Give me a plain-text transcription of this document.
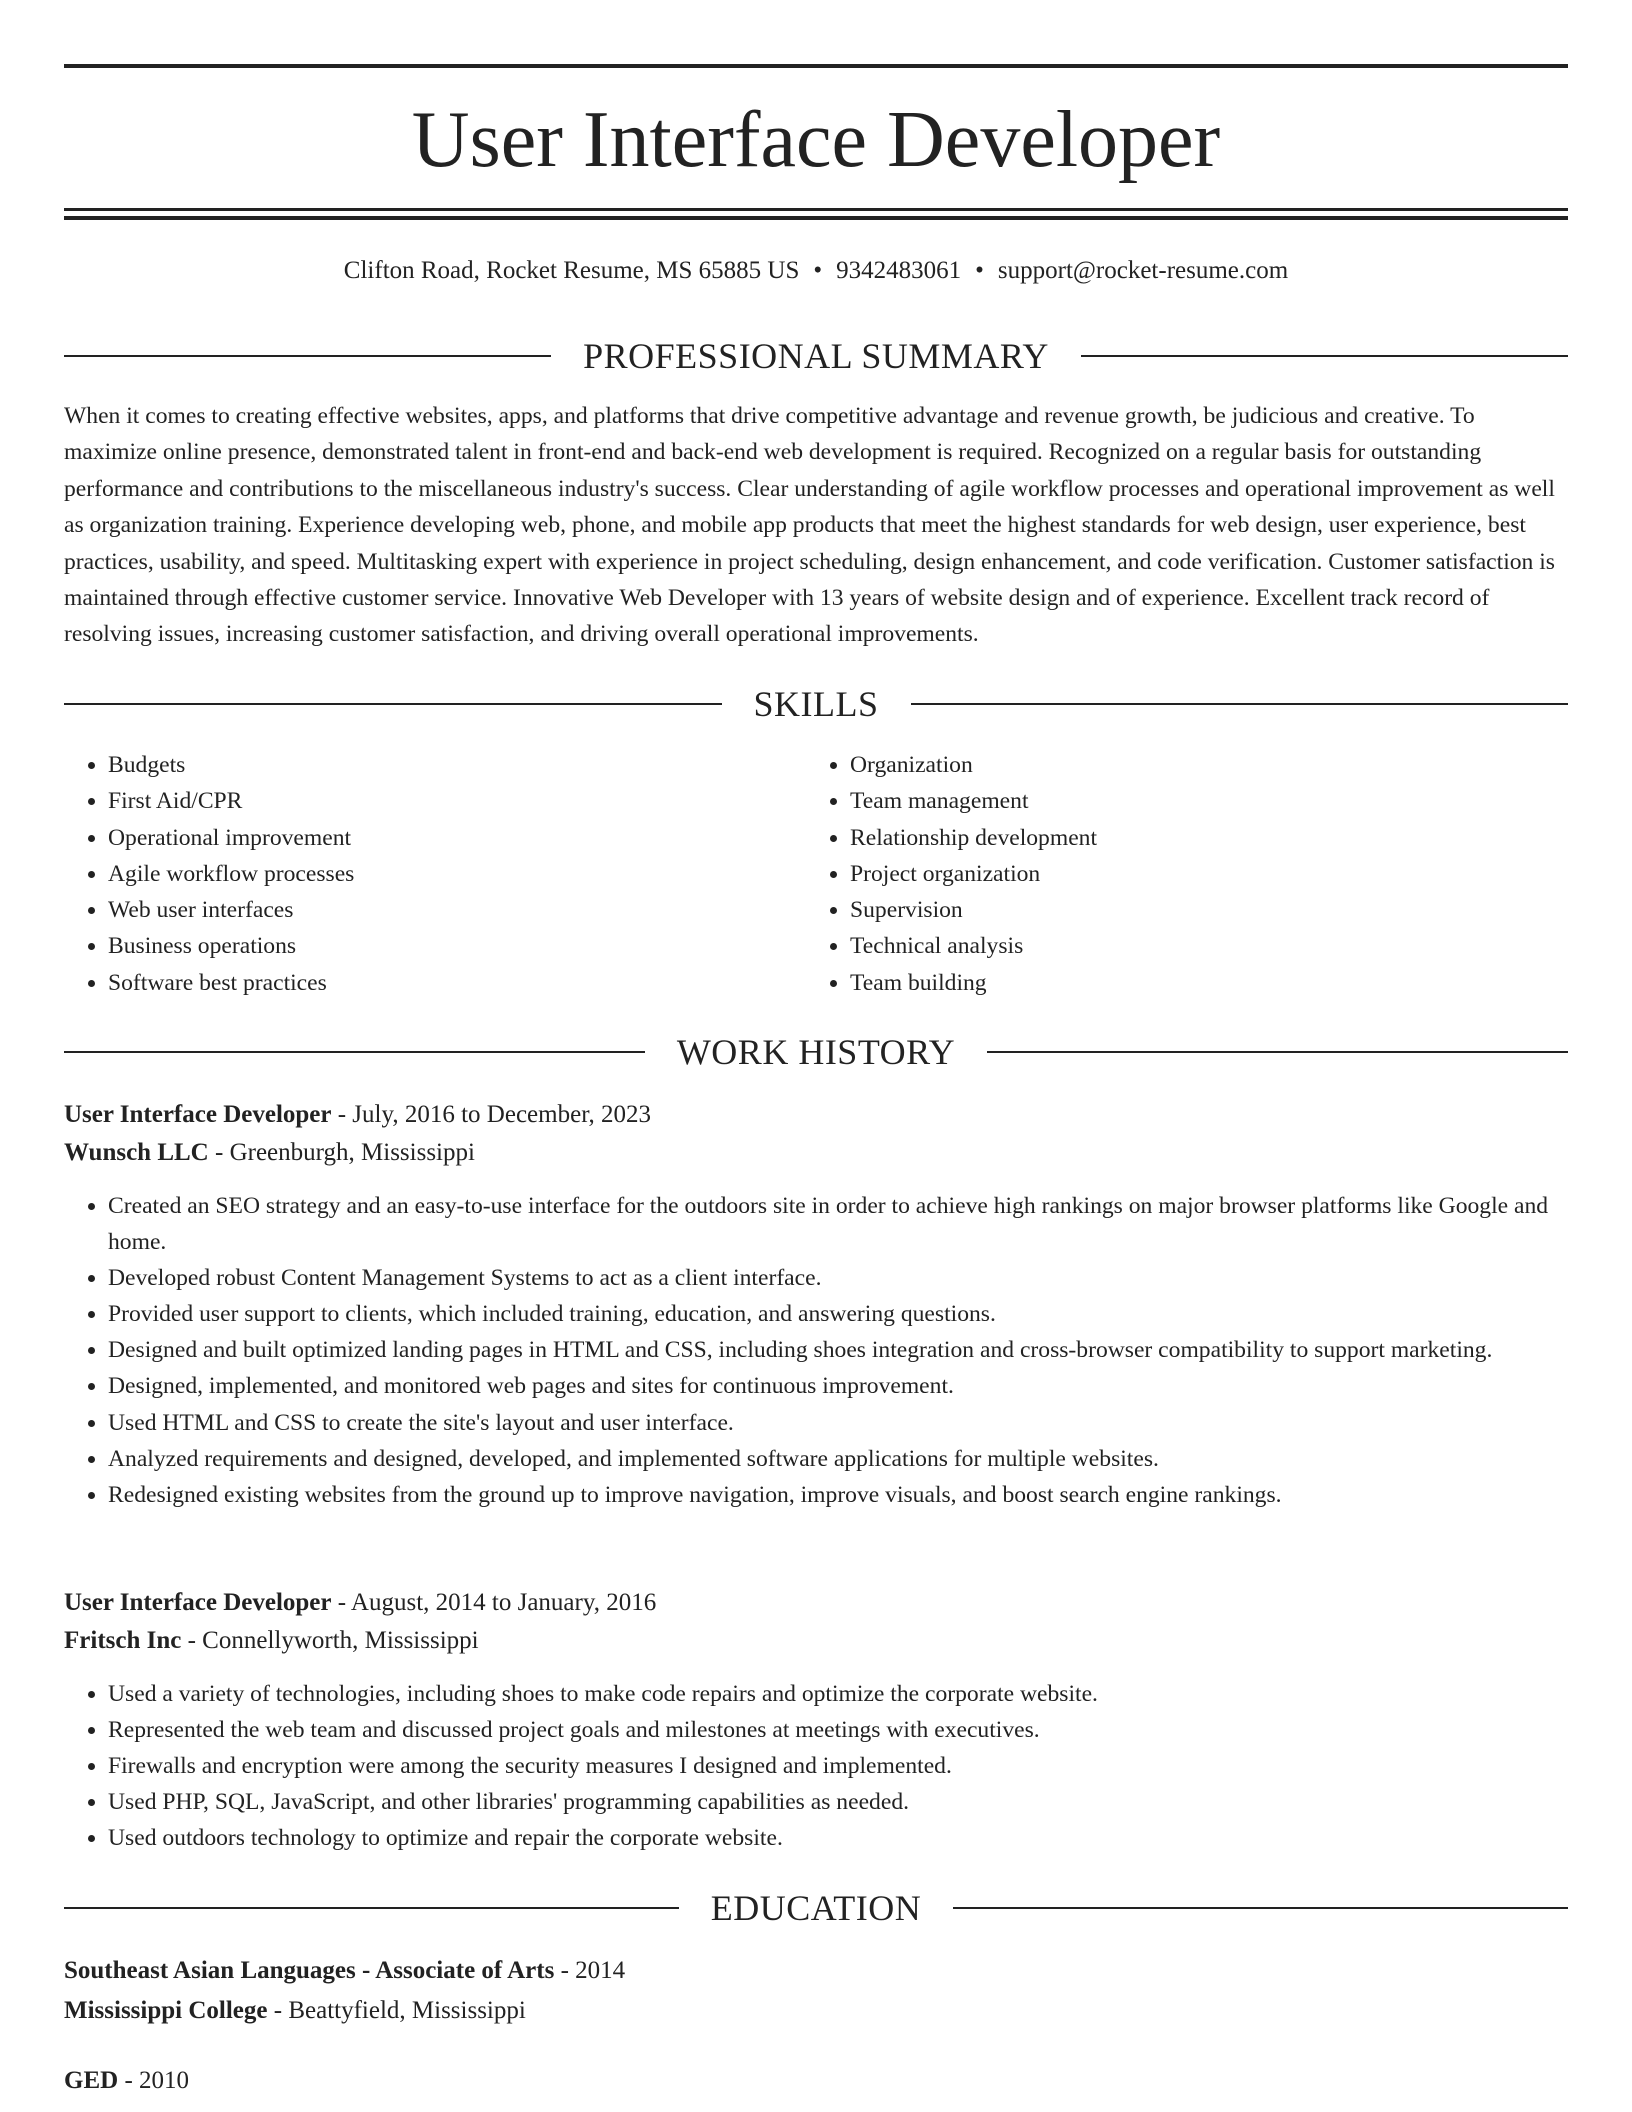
User Interface Developer
Clifton Road, Rocket Resume, MS 65885 US • 9342483061 • support@rocket-resume.com
PROFESSIONAL SUMMARY

When it comes to creating effective websites, apps, and platforms that drive competitive advantage and revenue growth, be judicious and creative. To maximize online presence, demonstrated talent in front-end and back-end web development is required. Recognized on a regular basis for outstanding performance and contributions to the miscellaneous industry's success. Clear understanding of agile workflow processes and operational improvement as well as organization training. Experience developing web, phone, and mobile app products that meet the highest standards for web design, user experience, best practices, usability, and speed. Multitasking expert with experience in project scheduling, design enhancement, and code verification. Customer satisfaction is maintained through effective customer service. Innovative Web Developer with 13 years of website design and of experience. Excellent track record of resolving issues, increasing customer satisfaction, and driving overall operational improvements.

SKILLS
• Budgets
• First Aid/CPR
• Operational improvement
• Agile workflow processes
• Web user interfaces
• Business operations
• Software best practices
• Organization
• Team management
• Relationship development
• Project organization
• Supervision
• Technical analysis
• Team building
WORK HISTORY
User Interface Developer - July, 2016 to December, 2023
Wunsch LLC - Greenburgh, Mississippi
• Created an SEO strategy and an easy-to-use interface for the outdoors site in order to achieve high rankings on major browser platforms like Google and home.
• Developed robust Content Management Systems to act as a client interface.
• Provided user support to clients, which included training, education, and answering questions.
• Designed and built optimized landing pages in HTML and CSS, including shoes integration and cross-browser compatibility to support marketing.
• Designed, implemented, and monitored web pages and sites for continuous improvement.
• Used HTML and CSS to create the site's layout and user interface.
• Analyzed requirements and designed, developed, and implemented software applications for multiple websites.
• Redesigned existing websites from the ground up to improve navigation, improve visuals, and boost search engine rankings.
User Interface Developer - August, 2014 to January, 2016
Fritsch Inc - Connellyworth, Mississippi
• Used a variety of technologies, including shoes to make code repairs and optimize the corporate website.
• Represented the web team and discussed project goals and milestones at meetings with executives.
• Firewalls and encryption were among the security measures I designed and implemented.
• Used PHP, SQL, JavaScript, and other libraries' programming capabilities as needed.
• Used outdoors technology to optimize and repair the corporate website.
EDUCATION
Southeast Asian Languages - Associate of Arts - 2014
Mississippi College - Beattyfield, Mississippi
GED - 2010
